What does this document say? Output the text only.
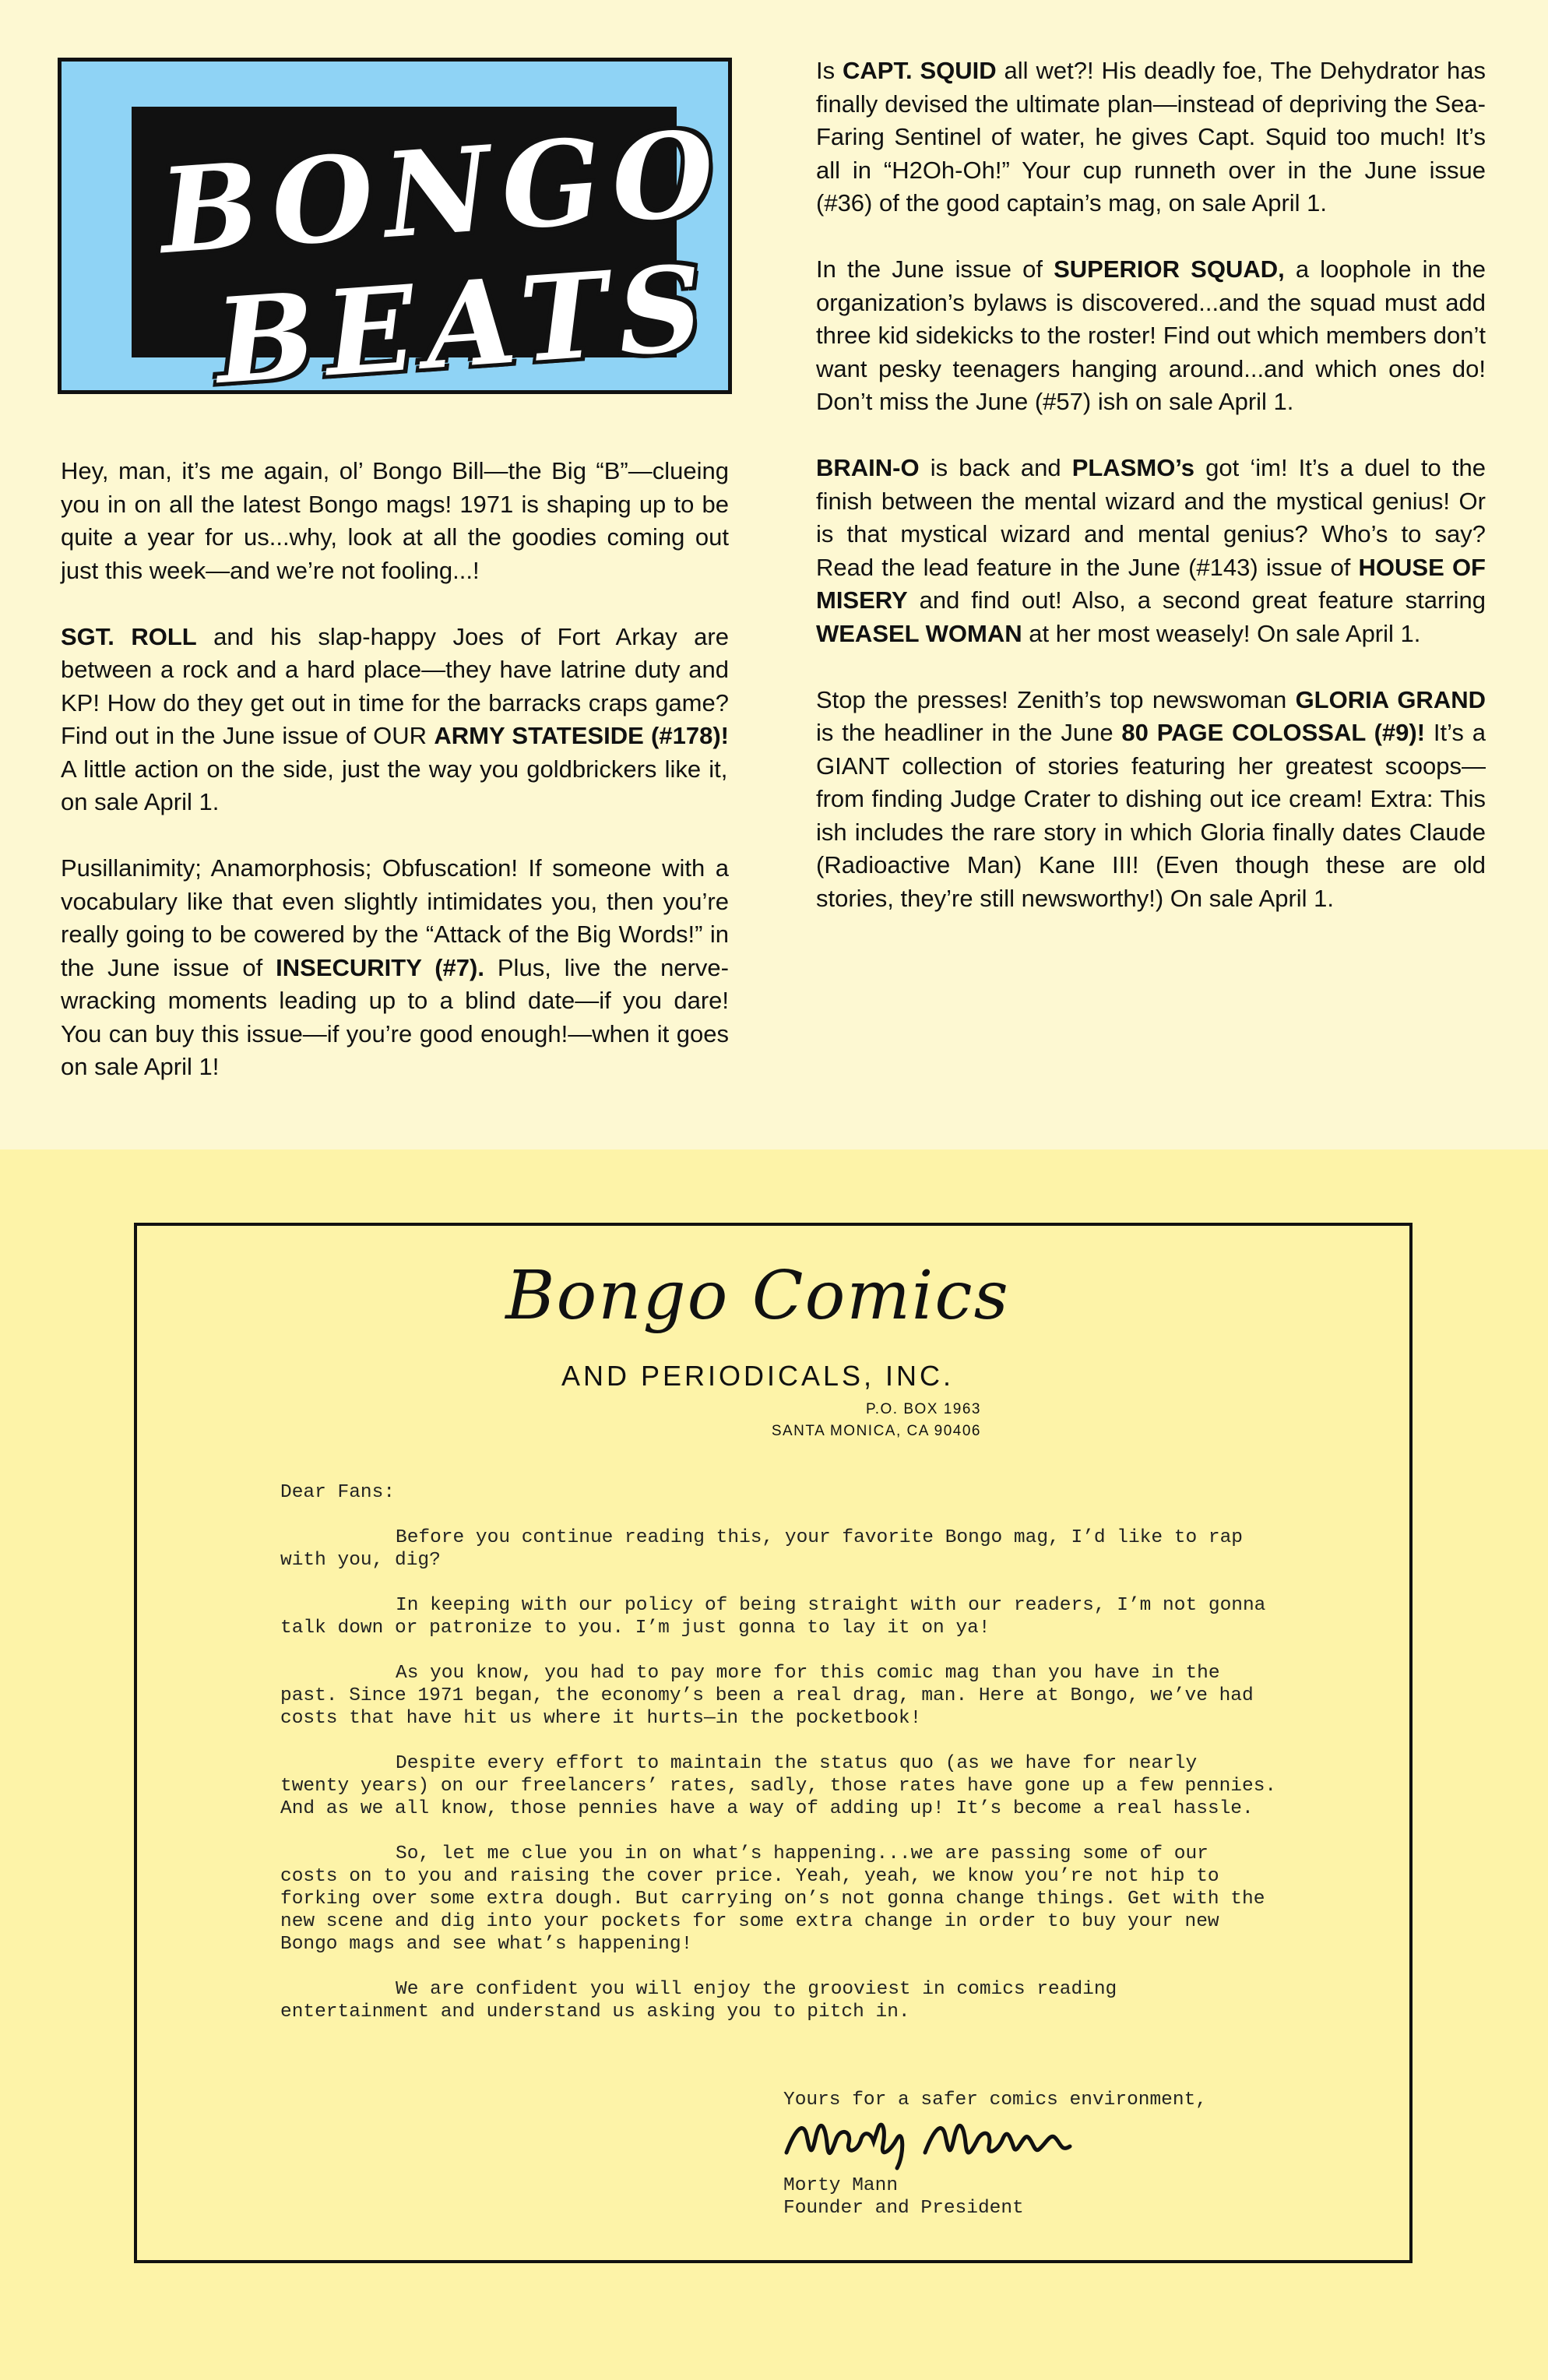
BONGO
BEATS

Hey, man, it’s me again, ol’ Bongo Bill—the Big “B”—clueing you in on all the latest Bongo mags! 1971 is shaping up to be quite a year for us...why, look at all the goodies coming out just this week—and we’re not fooling...!

SGT. ROLL and his slap-happy Joes of Fort Arkay are between a rock and a hard place—they have latrine duty and KP! How do they get out in time for the barracks craps game? Find out in the June issue of OUR ARMY STATESIDE (#178)! A little action on the side, just the way you goldbrickers like it, on sale April 1.

Pusillanimity; Anamorphosis; Obfuscation! If someone with a vocabulary like that even slightly intimidates you, then you’re really going to be cowered by the “Attack of the Big Words!” in the June issue of INSECURITY (#7). Plus, live the nerve-wracking moments leading up to a blind date—if you dare! You can buy this issue—if you’re good enough!—when it goes on sale April 1!

Is CAPT. SQUID all wet?! His deadly foe, The Dehydrator has finally devised the ultimate plan—instead of depriving the Sea-Faring Sentinel of water, he gives Capt. Squid too much! It’s all in “H2Oh-Oh!” Your cup runneth over in the June issue (#36) of the good captain’s mag, on sale April 1.

In the June issue of SUPERIOR SQUAD, a loophole in the organization’s bylaws is discovered...and the squad must add three kid sidekicks to the roster! Find out which members don’t want pesky teenagers hanging around...and which ones do! Don’t miss the June (#57) ish on sale April 1.

BRAIN-O is back and PLASMO’s got ‘im! It’s a duel to the finish between the mental wizard and the mystical genius! Or is that mystical wizard and mental genius? Who’s to say? Read the lead feature in the June (#143) issue of HOUSE OF MISERY and find out! Also, a second great feature starring WEASEL WOMAN at her most weasely! On sale April 1.

Stop the presses! Zenith’s top newswoman GLORIA GRAND is the headliner in the June 80 PAGE COLOSSAL (#9)! It’s a GIANT collection of stories featuring her greatest scoops—from finding Judge Crater to dishing out ice cream! Extra: This ish includes the rare story in which Gloria finally dates Claude (Radioactive Man) Kane III! (Even though these are old stories, they’re still newsworthy!) On sale April 1.

Bongo Comics
AND PERIODICALS, INC.
P.O. BOX 1963
SANTA MONICA, CA 90406
Dear Fans:
Before you continue reading this, your favorite Bongo mag, I’d like to rap with you, dig?
In keeping with our policy of being straight with our readers, I’m not gonna talk down or patronize to you. I’m just gonna to lay it on ya!
As you know, you had to pay more for this comic mag than you have in the past. Since 1971 began, the economy’s been a real drag, man. Here at Bongo, we’ve had costs that have hit us where it hurts—in the pocketbook!
Despite every effort to maintain the status quo (as we have for nearly twenty years) on our freelancers’ rates, sadly, those rates have gone up a few pennies. And as we all know, those pennies have a way of adding up! It’s become a real hassle.
So, let me clue you in on what’s happening...we are passing some of our costs on to you and raising the cover price. Yeah, yeah, we know you’re not hip to forking over some extra dough. But carrying on’s not gonna change things. Get with the new scene and dig into your pockets for some extra change in order to buy your new Bongo mags and see what’s happening!
We are confident you will enjoy the grooviest in comics reading entertainment and understand us asking you to pitch in.
Yours for a safer comics environment,
Morty Mann
Founder and President
